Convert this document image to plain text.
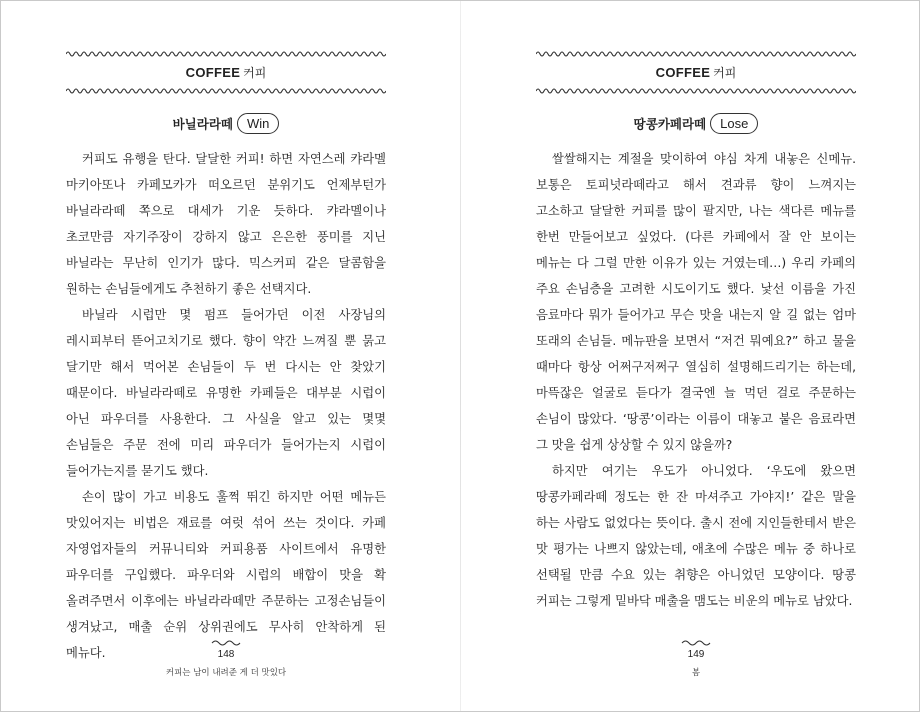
COFFEE 커피
바닐라라떼 Win

커피도 유행을 탄다. 달달한 커피! 하면 자연스레 캬라멜 마키아또나 카페모카가 떠오르던 분위기도 언제부턴가 바닐라라떼 쪽으로 대세가 기운 듯하다. 캬라멜이나 초코만큼 자기주장이 강하지 않고 은은한 풍미를 지닌 바닐라는 무난히 인기가 많다. 믹스커피 같은 달콤함을 원하는 손님들에게도 추천하기 좋은 선택지다.

바닐라 시럽만 몇 펌프 들어가던 이전 사장님의 레시피부터 뜯어고치기로 했다. 향이 약간 느껴질 뿐 묽고 달기만 해서 먹어본 손님들이 두 번 다시는 안 찾았기 때문이다. 바닐라라떼로 유명한 카페들은 대부분 시럽이 아닌 파우더를 사용한다. 그 사실을 알고 있는 몇몇 손님들은 주문 전에 미리 파우더가 들어가는지 시럽이 들어가는지를 묻기도 했다.

손이 많이 가고 비용도 훌쩍 뛰긴 하지만 어떤 메뉴든 맛있어지는 비법은 재료를 여럿 섞어 쓰는 것이다. 카페 자영업자들의 커뮤니티와 커피용품 사이트에서 유명한 파우더를 구입했다. 파우더와 시럽의 배합이 맛을 확 올려주면서 이후에는 바닐라라떼만 주문하는 고정손님들이 생겨났고, 매출 순위 상위권에도 무사히 안착하게 된 메뉴다.	148
커피는 남이 내려준 게 더 맛있다
COFFEE 커피
땅콩카페라떼 Lose

쌀쌀해지는 계절을 맞이하여 야심 차게 내놓은 신메뉴. 보통은 토피넛라떼라고 해서 견과류 향이 느껴지는 고소하고 달달한 커피를 많이 팔지만, 나는 색다른 메뉴를 한번 만들어보고 싶었다. (다른 카페에서 잘 안 보이는 메뉴는 다 그럴 만한 이유가 있는 거였는데…) 우리 카페의 주요 손님층을 고려한 시도이기도 했다. 낯선 이름을 가진 음료마다 뭐가 들어가고 무슨 맛을 내는지 알 길 없는 엄마 또래의 손님들. 메뉴판을 보면서 “저건 뭐예요?” 하고 물을 때마다 항상 어쩌구저쩌구 열심히 설명해드리기는 하는데, 마뜩잖은 얼굴로 듣다가 결국엔 늘 먹던 걸로 주문하는 손님이 많았다. ‘땅콩’이라는 이름이 대놓고 붙은 음료라면 그 맛을 쉽게 상상할 수 있지 않을까?

하지만 여기는 우도가 아니었다. ‘우도에 왔으면 땅콩카페라떼 정도는 한 잔 마셔주고 가야지!’ 같은 말을 하는 사람도 없었다는 뜻이다. 출시 전에 지인들한테서 받은 맛 평가는 나쁘지 않았는데, 애초에 수많은 메뉴 중 하나로 선택될 만큼 수요 있는 취향은 아니었던 모양이다. 땅콩 커피는 그렇게 밑바닥 매출을 맴도는 비운의 메뉴로 남았다.

149
봄
